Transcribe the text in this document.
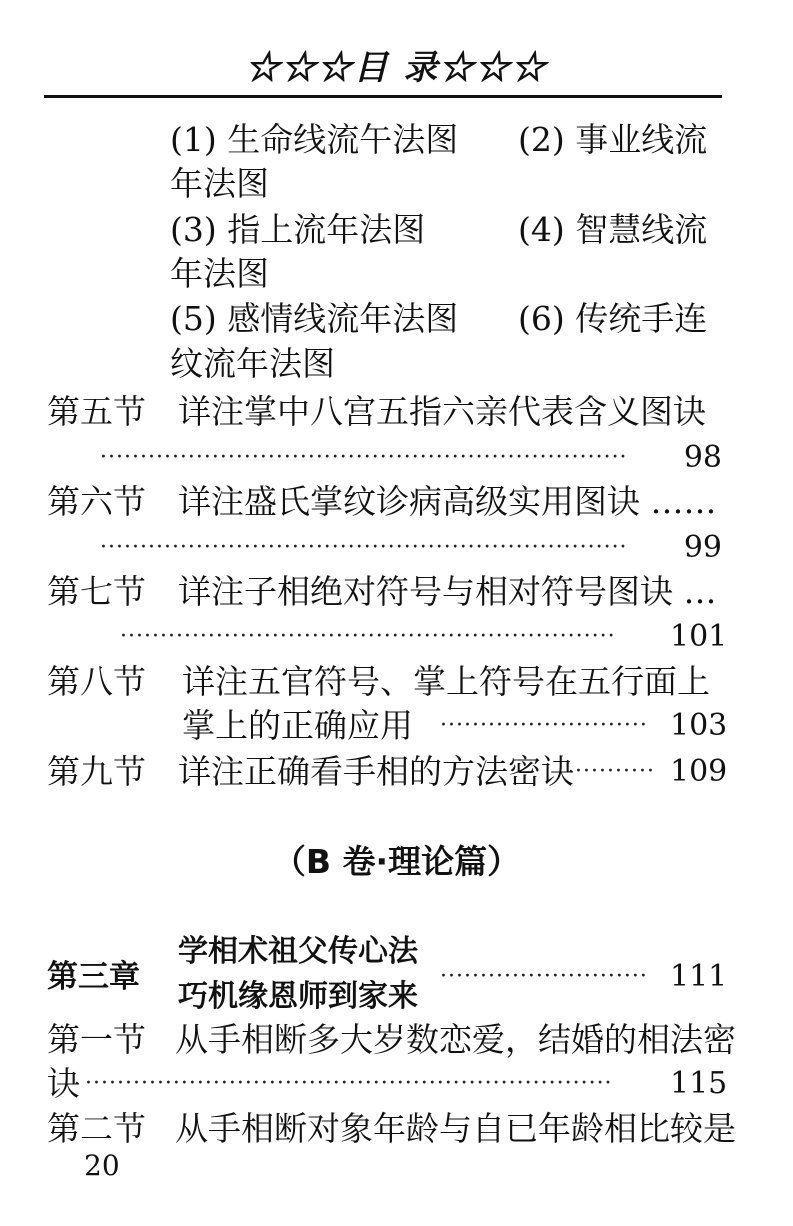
☆☆☆目 录☆☆☆
(1) 生命线流午法图 (2) 事业线流
年法图
(3) 指上流年法图	(4) 智慧线流
年法图
(5) 感情线流年法图 (6) 传统手连
纹流年法图
第五节 详注掌中八宫五指六亲代表含义图诀
··································································	98
第六节 详注盛氏掌纹诊病高级实用图诀 ……
··································································	99
第七节 详注子相绝对符号与相对符号图诀 …
······························································	101
第八节 详注五官符号、掌上符号在五行面上
掌上的正确应用 ·························· 103
第九节 详注正确看手相的方法密诀 ·········· 109
（B 卷·理论篇）
第三章
学相术祖父传心法
巧机缘恩师到家来
·························· 111
第一节 从手相断多大岁数恋爱，结婚的相法密
诀 ··································································	115
第二节 从手相断对象年龄与自已年龄相比较是
20
